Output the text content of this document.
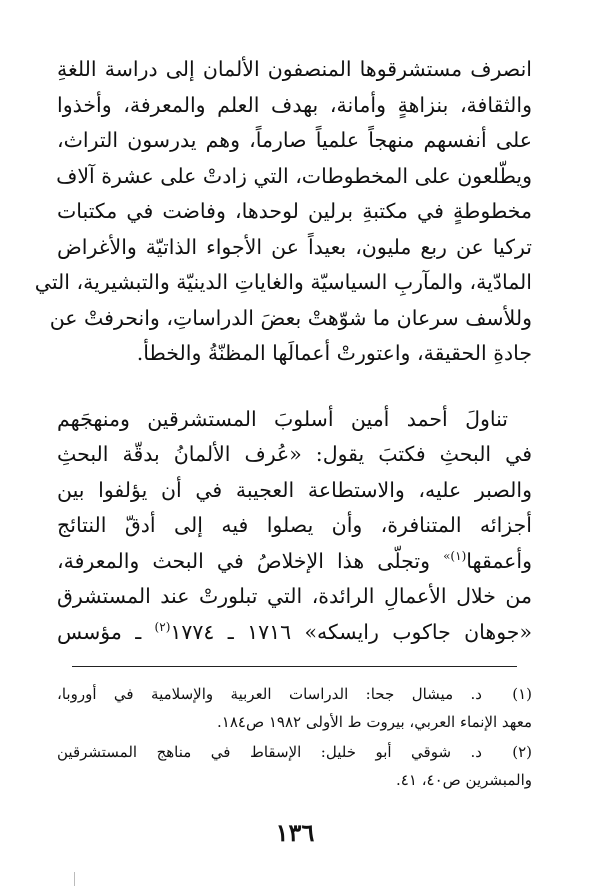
انصرف مستشرقوها المنصفون الألمان إلى دراسة اللغةِ
والثقافة، بنزاهةٍ وأمانة، بهدف العلم والمعرفة، وأخذوا
على أنفسهم منهجاً علمياً صارماً، وهم يدرسون التراث،
ويطّلعون على المخطوطات، التي زادتْ على عشرة آلاف
مخطوطةٍ في مكتبةِ برلين لوحدها، وفاضت في مكتبات
تركيا عن ربع مليون، بعيداً عن الأجواء الذاتيّة والأغراض
المادّية، والمآربِ السياسيّة والغاياتِ الدينيّة والتبشيرية، التي
وللأسف سرعان ما شوّهتْ بعضَ الدراساتِ، وانحرفتْ عن
جادةِ الحقيقة، واعتورتْ أعمالَها المظنّةُ والخطأ.
تناولَ أحمد أمين أسلوبَ المستشرقين ومنهجَهم
في البحثِ فكتبَ يقول: «عُرف الألمانُ بدقّة البحثِ
والصبر عليه، والاستطاعة العجيبة في أن يؤلفوا بين
أجزائه المتنافرة، وأن يصلوا فيه إلى أدقّ النتائج
وأعمقها$^{(١)»}$ وتجلّى هذا الإخلاصُ في البحث والمعرفة،
من خلال الأعمالِ الرائدة، التي تبلورتْ عند المستشرق
«جوهان جاكوب رايسكه» ١٧١٦ ـ ١٧٧٤$^{(٢)}$ ـ مؤسس
(١)
د. ميشال جحا: الدراسات العربية والإسلامية في أوروبا،
معهد الإنماء العربي، بيروت ط الأولى ١٩٨٢ ص١٨٤.
(٢)
د. شوقي أبو خليل: الإسقاط في مناهج المستشرقين
والمبشرين ص٤٠، ٤١.
١٣٦
